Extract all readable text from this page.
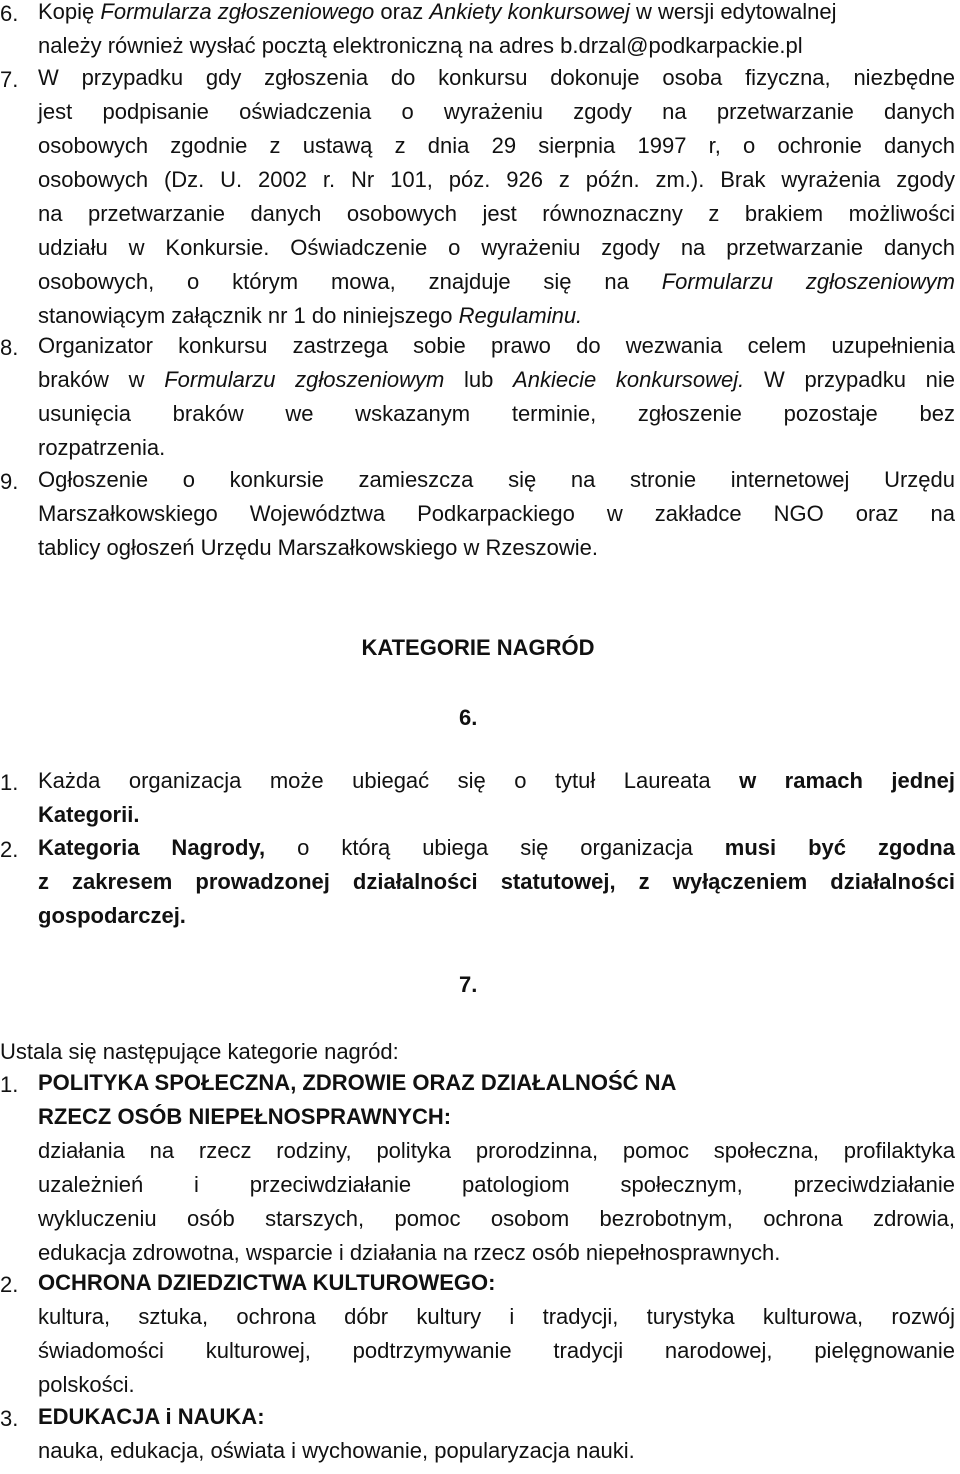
6. Kopię Formularza zgłoszeniowego oraz Ankiety konkursowej w wersji edytowalnej
należy również wysłać pocztą elektroniczną na adres b.drzal@podkarpackie.pl
7. W przypadku gdy zgłoszenia do konkursu dokonuje osoba fizyczna, niezbędne
jest podpisanie oświadczenia o wyrażeniu zgody na przetwarzanie danych
osobowych zgodnie z ustawą z dnia 29 sierpnia 1997 r, o ochronie danych
osobowych (Dz. U. 2002 r. Nr 101, póz. 926 z późn. zm.). Brak wyrażenia zgody
na przetwarzanie danych osobowych jest równoznaczny z brakiem możliwości
udziału w Konkursie. Oświadczenie o wyrażeniu zgody na przetwarzanie danych
osobowych, o którym mowa, znajduje się na Formularzu zgłoszeniowym
stanowiącym załącznik nr 1 do niniejszego Regulaminu.
8. Organizator konkursu zastrzega sobie prawo do wezwania celem uzupełnienia
braków w Formularzu zgłoszeniowym lub Ankiecie konkursowej. W przypadku nie
usunięcia braków we wskazanym terminie, zgłoszenie pozostaje bez
rozpatrzenia.
9. Ogłoszenie o konkursie zamieszcza się na stronie internetowej Urzędu
Marszałkowskiego Województwa Podkarpackiego w zakładce NGO oraz na
tablicy ogłoszeń Urzędu Marszałkowskiego w Rzeszowie.
KATEGORIE NAGRÓD
6.
1. Każda organizacja może ubiegać się o tytuł Laureata w ramach jednej
Kategorii.
2. Kategoria Nagrody, o którą ubiega się organizacja musi być zgodna
z zakresem prowadzonej działalności statutowej, z wyłączeniem działalności
gospodarczej.
7.
Ustala się następujące kategorie nagród:
1. POLITYKA SPOŁECZNA, ZDROWIE ORAZ DZIAŁALNOŚĆ NA
RZECZ OSÓB NIEPEŁNOSPRAWNYCH:
działania na rzecz rodziny, polityka prorodzinna, pomoc społeczna, profilaktyka
uzależnień i przeciwdziałanie patologiom społecznym, przeciwdziałanie
wykluczeniu osób starszych, pomoc osobom bezrobotnym, ochrona zdrowia,
edukacja zdrowotna, wsparcie i działania na rzecz osób niepełnosprawnych.
2. OCHRONA DZIEDZICTWA KULTUROWEGO:
kultura, sztuka, ochrona dóbr kultury i tradycji, turystyka kulturowa, rozwój
świadomości kulturowej, podtrzymywanie tradycji narodowej, pielęgnowanie
polskości.
3. EDUKACJA i NAUKA:
nauka, edukacja, oświata i wychowanie, popularyzacja nauki.
